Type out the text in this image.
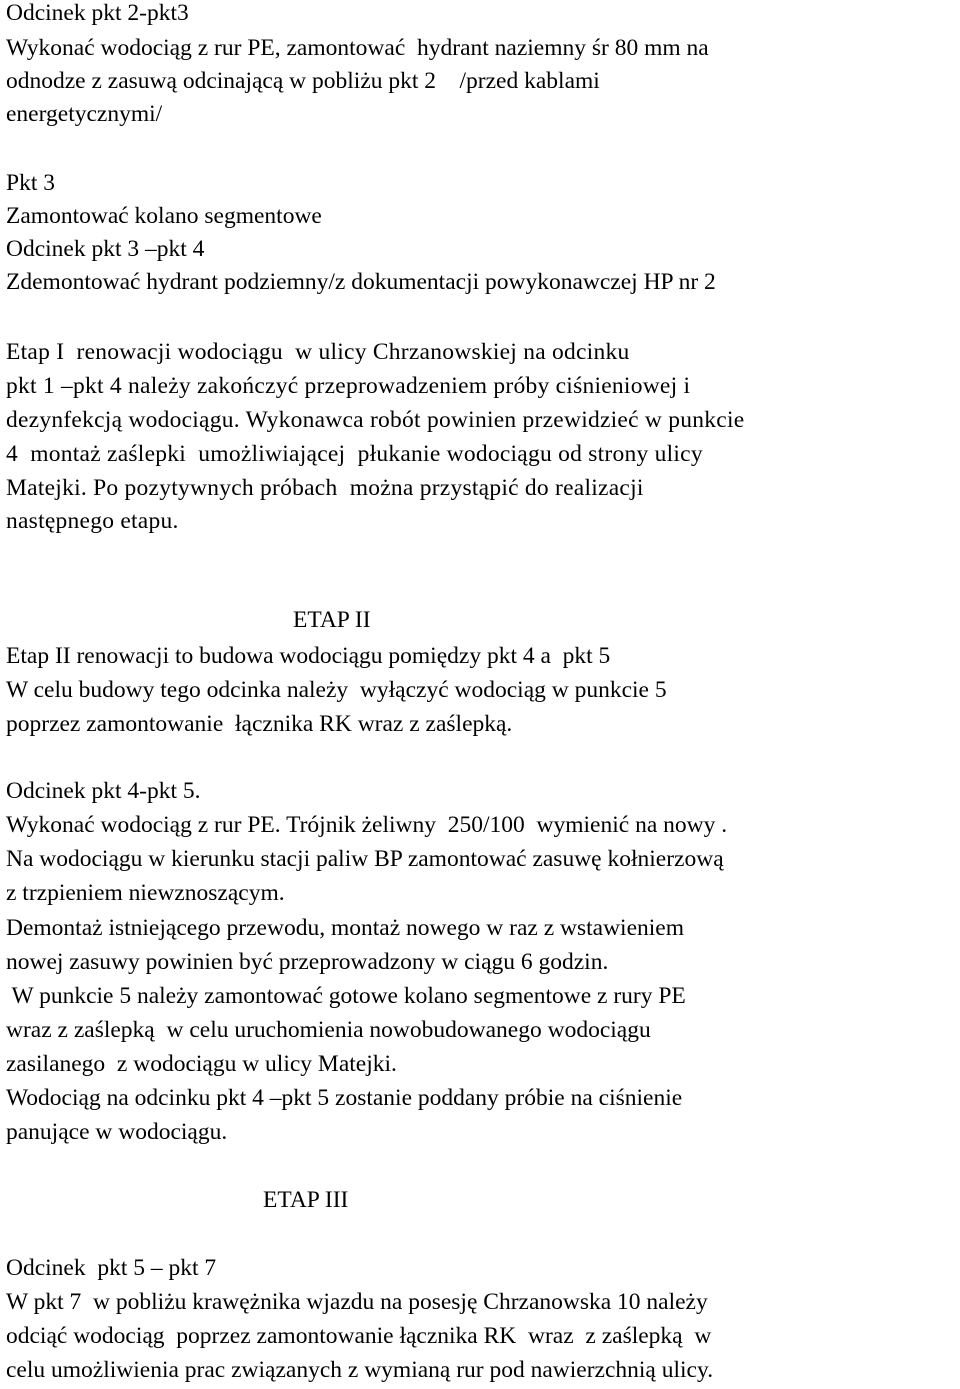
Odcinek pkt 2-pkt3
Wykonać wodociąg z rur PE, zamontować  hydrant naziemny śr 80 mm na
odnodze z zasuwą odcinającą w pobliżu pkt 2    /przed kablami
energetycznymi/
Pkt 3
Zamontować kolano segmentowe
Odcinek pkt 3 –pkt 4
Zdemontować hydrant podziemny/z dokumentacji powykonawczej HP nr 2
Etap I  renowacji wodociągu  w ulicy Chrzanowskiej na odcinku
pkt 1 –pkt 4 należy zakończyć przeprowadzeniem próby ciśnieniowej i
dezynfekcją wodociągu. Wykonawca robót powinien przewidzieć w punkcie
4  montaż zaślepki  umożliwiającej  płukanie wodociągu od strony ulicy
Matejki. Po pozytywnych próbach  można przystąpić do realizacji
następnego etapu.
ETAP II
Etap II renowacji to budowa wodociągu pomiędzy pkt 4 a  pkt 5
W celu budowy tego odcinka należy  wyłączyć wodociąg w punkcie 5
poprzez zamontowanie  łącznika RK wraz z zaślepką.
Odcinek pkt 4-pkt 5.
Wykonać wodociąg z rur PE. Trójnik żeliwny  250/100  wymienić na nowy .
Na wodociągu w kierunku stacji paliw BP zamontować zasuwę kołnierzową
z trzpieniem niewznoszącym.
Demontaż istniejącego przewodu, montaż nowego w raz z wstawieniem
nowej zasuwy powinien być przeprowadzony w ciągu 6 godzin.
W punkcie 5 należy zamontować gotowe kolano segmentowe z rury PE
wraz z zaślepką  w celu uruchomienia nowobudowanego wodociągu
zasilanego  z wodociągu w ulicy Matejki.
Wodociąg na odcinku pkt 4 –pkt 5 zostanie poddany próbie na ciśnienie
panujące w wodociągu.
ETAP III
Odcinek  pkt 5 – pkt 7
W pkt 7  w pobliżu krawężnika wjazdu na posesję Chrzanowska 10 należy
odciąć wodociąg  poprzez zamontowanie łącznika RK  wraz  z zaślepką  w
celu umożliwienia prac związanych z wymianą rur pod nawierzchnią ulicy.
